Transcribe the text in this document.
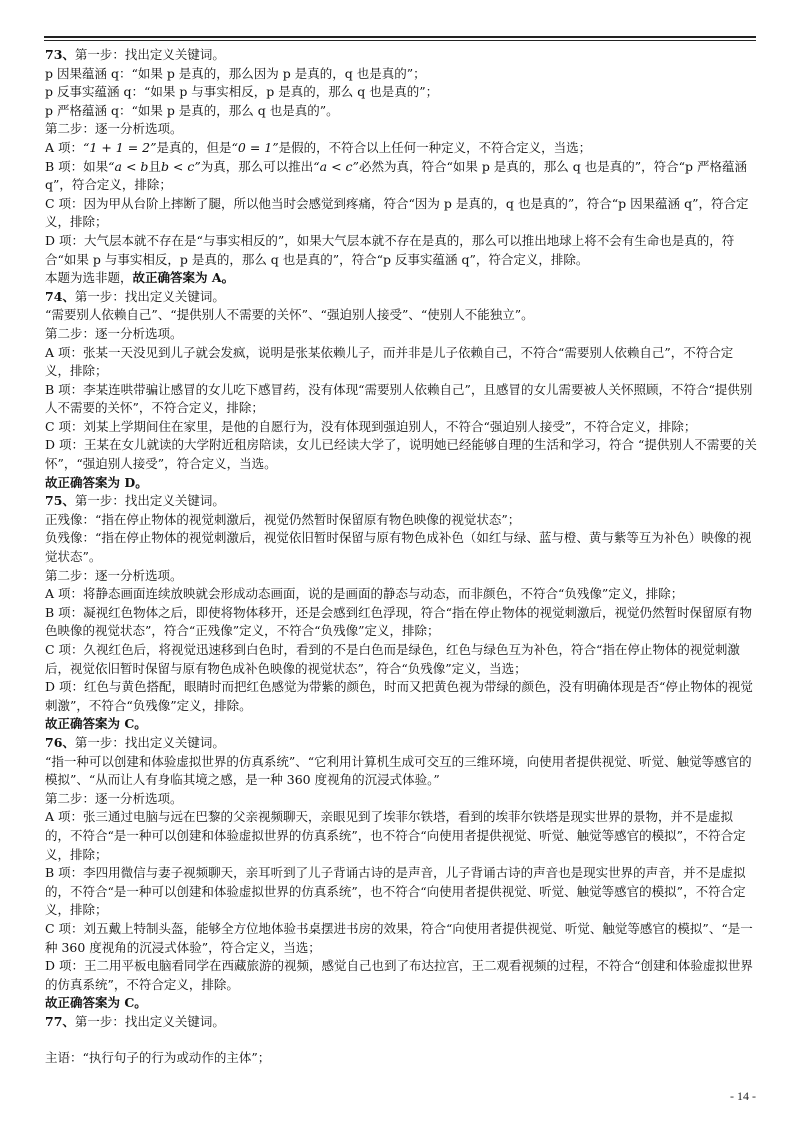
73、第一步：找出定义关键词。

p 因果蕴涵 q：“如果 p 是真的，那么因为 p 是真的，q 也是真的”；

p 反事实蕴涵 q：“如果 p 与事实相反，p 是真的，那么 q 也是真的”；

p 严格蕴涵 q：“如果 p 是真的，那么 q 也是真的”。

第二步：逐一分析选项。

A 项：“1 + 1 = 2”是真的，但是“0 = 1”是假的，不符合以上任何一种定义，不符合定义，当选；

B 项：如果“a < b且b < c”为真，那么可以推出“a < c”必然为真，符合“如果 p 是真的，那么 q 也是真的”，符合“p 严格蕴涵 q”，符合定义，排除；

C 项：因为甲从台阶上摔断了腿，所以他当时会感觉到疼痛，符合“因为 p 是真的，q 也是真的”，符合“p 因果蕴涵 q”，符合定义，排除；

D 项：大气层本就不存在是“与事实相反的”，如果大气层本就不存在是真的，那么可以推出地球上将不会有生命也是真的，符合“如果 p 与事实相反，p 是真的，那么 q 也是真的”，符合“p 反事实蕴涵 q”，符合定义，排除。

本题为选非题，故正确答案为 A。

74、第一步：找出定义关键词。

“需要别人依赖自己”、“提供别人不需要的关怀”、“强迫别人接受”、“使别人不能独立”。

第二步：逐一分析选项。

A 项：张某一天没见到儿子就会发疯，说明是张某依赖儿子，而并非是儿子依赖自己，不符合“需要别人依赖自己”，不符合定义，排除；

B 项：李某连哄带骗让感冒的女儿吃下感冒药，没有体现“需要别人依赖自己”，且感冒的女儿需要被人关怀照顾，不符合“提供别人不需要的关怀”，不符合定义，排除；

C 项：刘某上学期间住在家里，是他的自愿行为，没有体现到强迫别人，不符合“强迫别人接受”，不符合定义，排除；

D 项：王某在女儿就读的大学附近租房陪读，女儿已经读大学了，说明她已经能够自理的生活和学习，符合 “提供别人不需要的关怀”，“强迫别人接受”，符合定义，当选。

故正确答案为 D。

75、第一步：找出定义关键词。

正残像：“指在停止物体的视觉刺激后，视觉仍然暂时保留原有物色映像的视觉状态”；

负残像：“指在停止物体的视觉刺激后，视觉依旧暂时保留与原有物色成补色（如红与绿、蓝与橙、黄与紫等互为补色）映像的视觉状态”。

第二步：逐一分析选项。

A 项：将静态画面连续放映就会形成动态画面，说的是画面的静态与动态，而非颜色，不符合“负残像”定义，排除；

B 项：凝视红色物体之后，即使将物体移开，还是会感到红色浮现，符合“指在停止物体的视觉刺激后，视觉仍然暂时保留原有物色映像的视觉状态”，符合“正残像”定义，不符合“负残像”定义，排除；

C 项：久视红色后，将视觉迅速移到白色时，看到的不是白色而是绿色，红色与绿色互为补色，符合“指在停止物体的视觉刺激后，视觉依旧暂时保留与原有物色成补色映像的视觉状态”，符合“负残像”定义，当选；

D 项：红色与黄色搭配，眼睛时而把红色感觉为带紫的颜色，时而又把黄色视为带绿的颜色，没有明确体现是否“停止物体的视觉刺激”，不符合“负残像”定义，排除。

故正确答案为 C。

76、第一步：找出定义关键词。

“指一种可以创建和体验虚拟世界的仿真系统”、“它利用计算机生成可交互的三维环境，向使用者提供视觉、听觉、触觉等感官的模拟”、“从而让人有身临其境之感，是一种 360 度视角的沉浸式体验。”

第二步：逐一分析选项。

A 项：张三通过电脑与远在巴黎的父亲视频聊天，亲眼见到了埃菲尔铁塔，看到的埃菲尔铁塔是现实世界的景物，并不是虚拟的，不符合“是一种可以创建和体验虚拟世界的仿真系统”，也不符合“向使用者提供视觉、听觉、触觉等感官的模拟”，不符合定义，排除；

B 项：李四用微信与妻子视频聊天，亲耳听到了儿子背诵古诗的是声音，儿子背诵古诗的声音也是现实世界的声音，并不是虚拟的，不符合“是一种可以创建和体验虚拟世界的仿真系统”，也不符合“向使用者提供视觉、听觉、触觉等感官的模拟”，不符合定义，排除；

C 项：刘五戴上特制头盔，能够全方位地体验书桌摆进书房的效果，符合“向使用者提供视觉、听觉、触觉等感官的模拟”、“是一种 360 度视角的沉浸式体验”，符合定义，当选；

D 项：王二用平板电脑看同学在西藏旅游的视频，感觉自己也到了布达拉宫，王二观看视频的过程，不符合“创建和体验虚拟世界的仿真系统”，不符合定义，排除。

故正确答案为 C。

77、第一步：找出定义关键词。

主语：“执行句子的行为或动作的主体”；

- 14 -
